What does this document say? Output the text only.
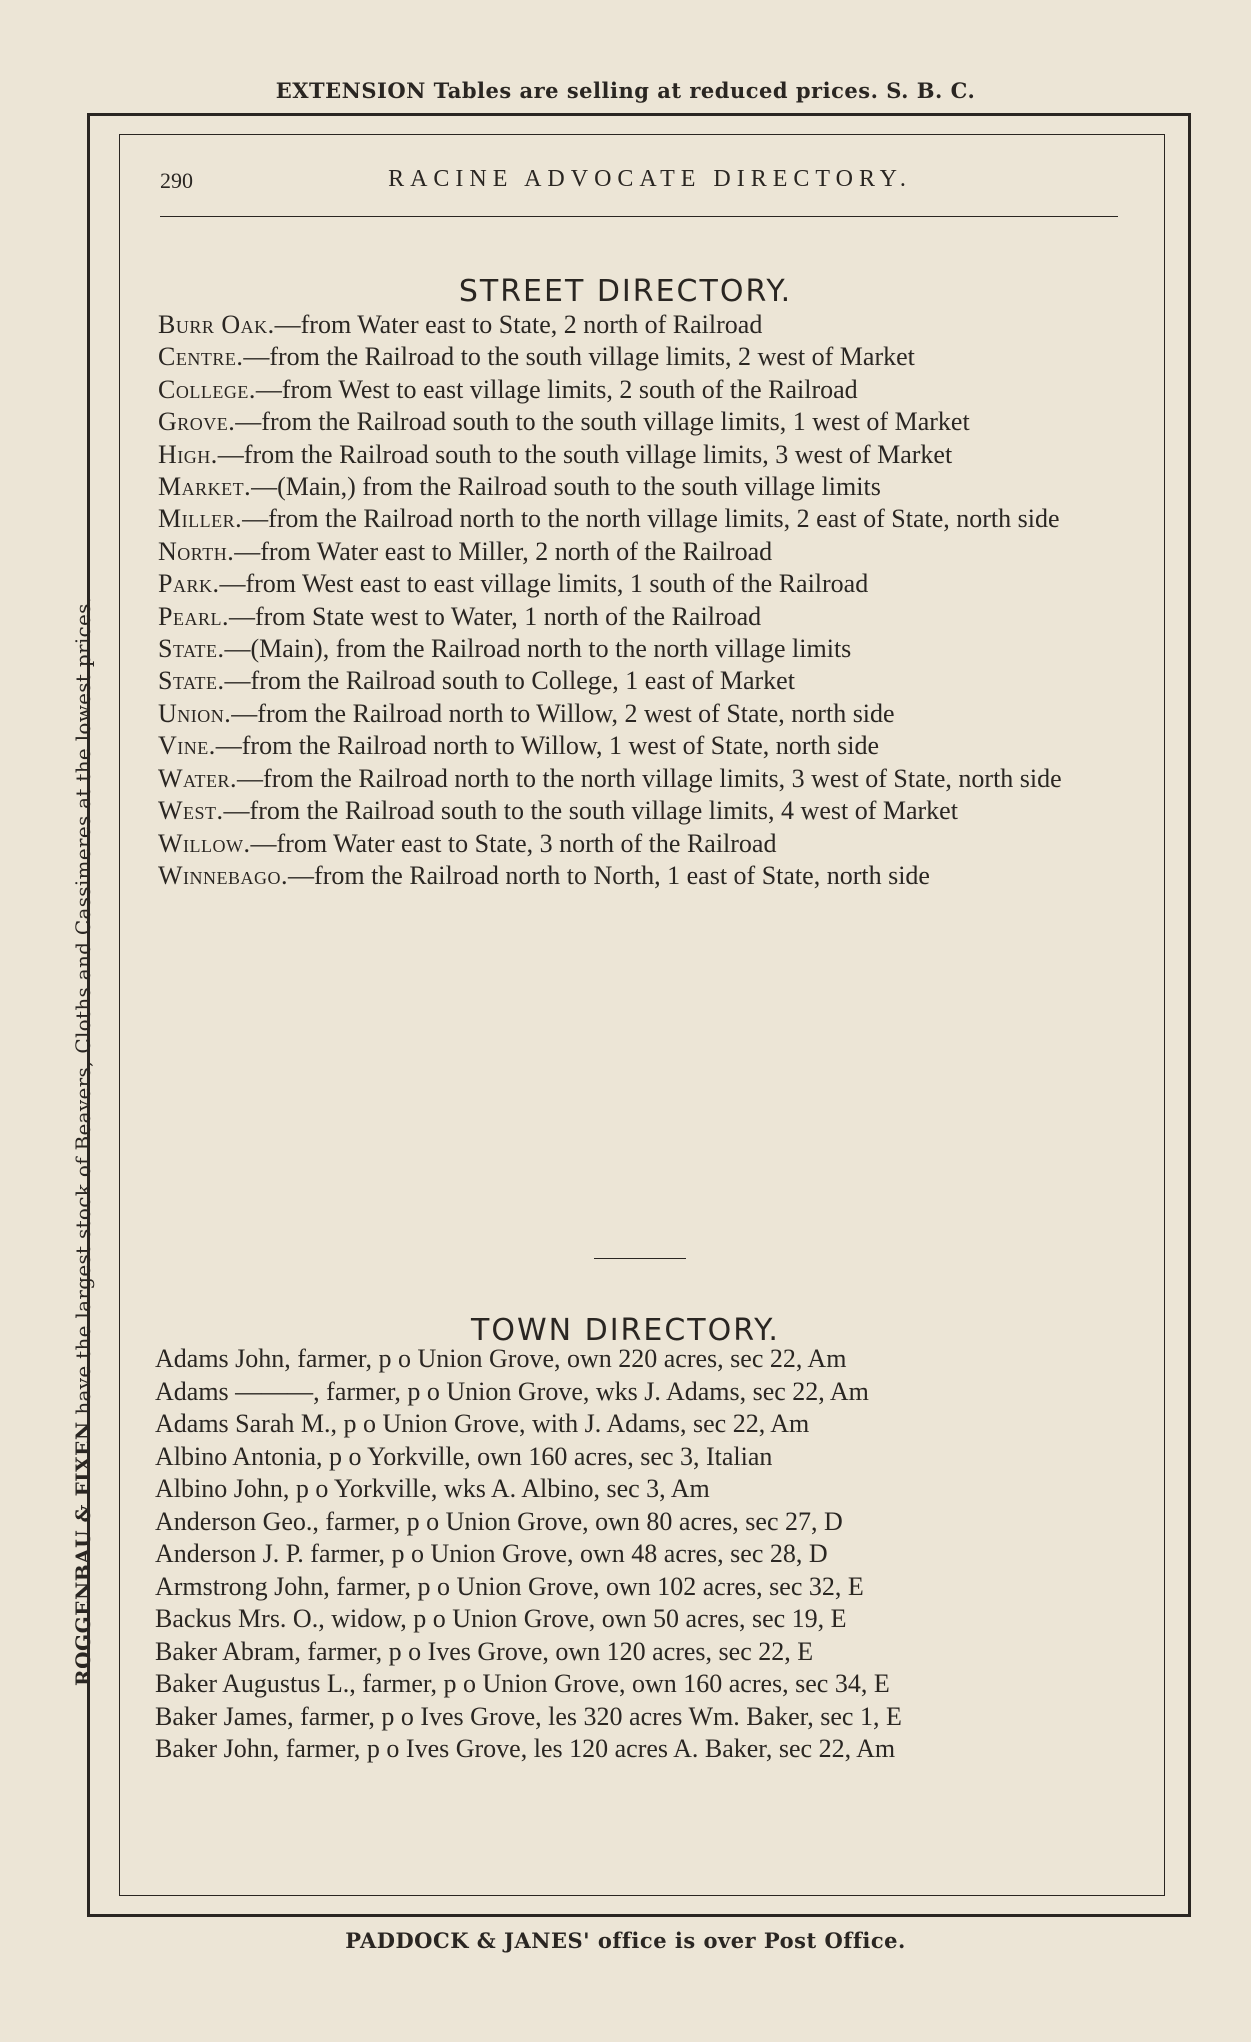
EXTENSION Tables are selling at reduced prices. S. B. C.
ROGGENBAU & FIXEN have the largest stock of Beavers, Cloths and Cassimeres at the lowest prices.
290	RACINE ADVOCATE DIRECTORY.
STREET DIRECTORY.
Burr Oak.—from Water east to State, 2 north of Railroad
Centre.—from the Railroad to the south village limits, 2 west of Market
College.—from West to east village limits, 2 south of the Railroad
Grove.—from the Railroad south to the south village limits, 1 west of Market
High.—from the Railroad south to the south village limits, 3 west of Market
Market.—(Main,) from the Railroad south to the south village limits
Miller.—from the Railroad north to the north village limits, 2 east of State, north side
North.—from Water east to Miller, 2 north of the Railroad
Park.—from West east to east village limits, 1 south of the Railroad
Pearl.—from State west to Water, 1 north of the Railroad
State.—(Main), from the Railroad north to the north village limits
State.—from the Railroad south to College, 1 east of Market
Union.—from the Railroad north to Willow, 2 west of State, north side
Vine.—from the Railroad north to Willow, 1 west of State, north side
Water.—from the Railroad north to the north village limits, 3 west of State, north side
West.—from the Railroad south to the south village limits, 4 west of Market
Willow.—from Water east to State, 3 north of the Railroad
Winnebago.—from the Railroad north to North, 1 east of State, north side
TOWN DIRECTORY.
Adams John, farmer, p o Union Grove, own 220 acres, sec 22, Am
Adams ———, farmer, p o Union Grove, wks J. Adams, sec 22, Am
Adams Sarah M., p o Union Grove, with J. Adams, sec 22, Am
Albino Antonia, p o Yorkville, own 160 acres, sec 3, Italian
Albino John, p o Yorkville, wks A. Albino, sec 3, Am
Anderson Geo., farmer, p o Union Grove, own 80 acres, sec 27, D
Anderson J. P. farmer, p o Union Grove, own 48 acres, sec 28, D
Armstrong John, farmer, p o Union Grove, own 102 acres, sec 32, E
Backus Mrs. O., widow, p o Union Grove, own 50 acres, sec 19, E
Baker Abram, farmer, p o Ives Grove, own 120 acres, sec 22, E
Baker Augustus L., farmer, p o Union Grove, own 160 acres, sec 34, E
Baker James, farmer, p o Ives Grove, les 320 acres Wm. Baker, sec 1, E
Baker John, farmer, p o Ives Grove, les 120 acres A. Baker, sec 22, Am
PADDOCK & JANES' office is over Post Office.
